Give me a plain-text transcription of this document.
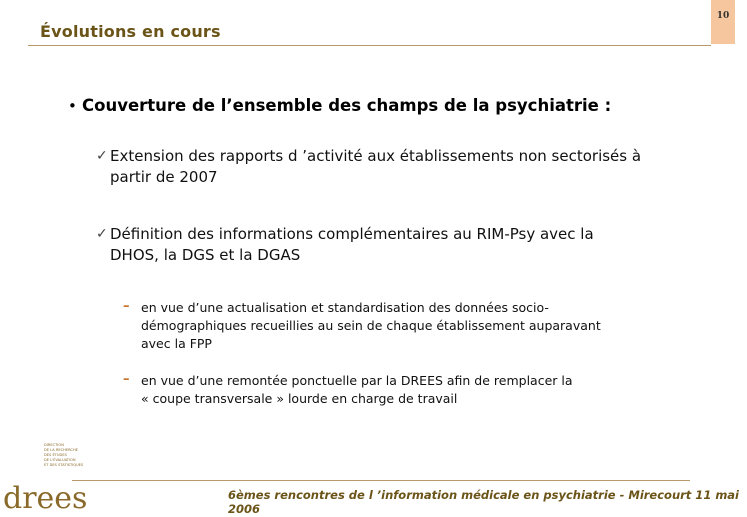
Évolutions en cours
10
• Couverture de l’ensemble des champs de la psychiatrie :
✓ Extension des rapports d ’activité aux établissements non sectorisés à
partir de 2007
✓ Définition des informations complémentaires au RIM-Psy avec la
DHOS, la DGS et la DGAS
– en vue d’une actualisation et standardisation des données socio-
démographiques recueillies au sein de chaque établissement auparavant
avec la FPP
– en vue d’une remontée ponctuelle par la DREES afin de remplacer la
« coupe transversale » lourde en charge de travail
6èmes rencontres de l ’information médicale en psychiatrie - Mirecourt 11 mai 2006
drees
DIRECTION
DE LA RECHERCHE
DES ÉTUDES
DE L'ÉVALUATION
ET DES STATISTIQUES
